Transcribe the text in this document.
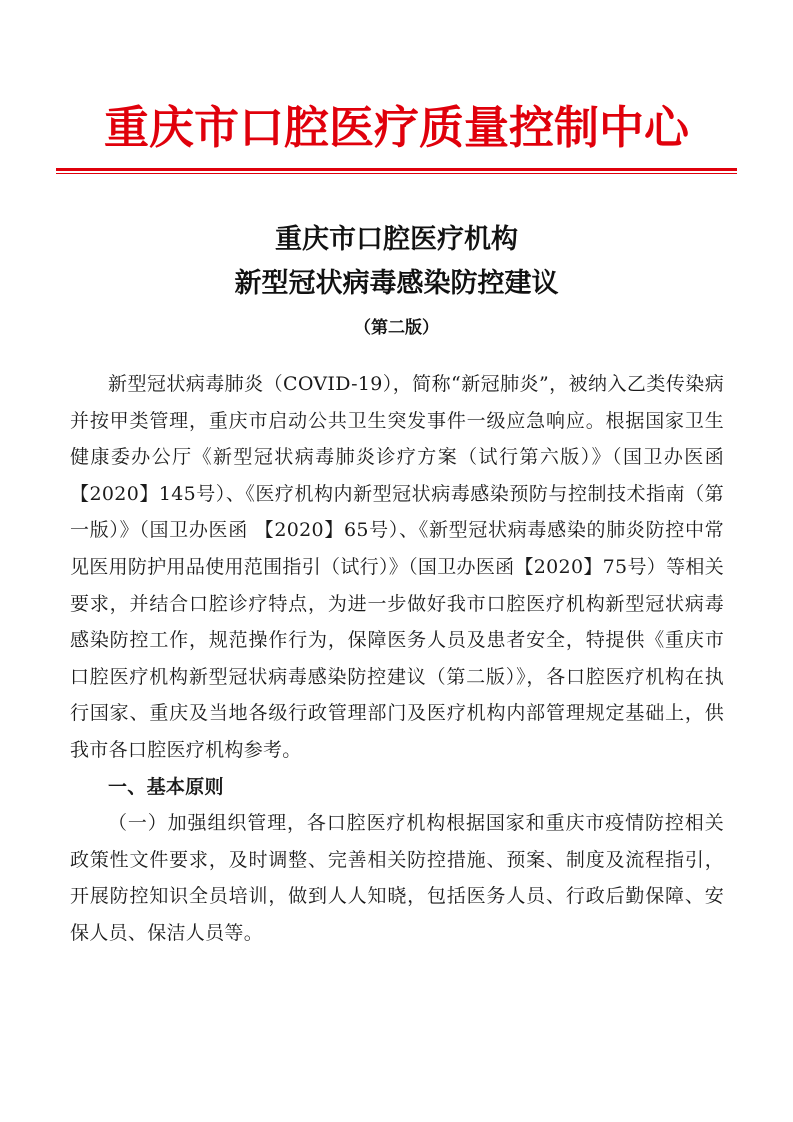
重庆市口腔医疗质量控制中心
重庆市口腔医疗机构
新型冠状病毒感染防控建议
（第二版）

新型冠状病毒肺炎（COVID-19），简称“新冠肺炎”，被纳入乙类传染病并按甲类管理，重庆市启动公共卫生突发事件一级应急响应。根据国家卫生健康委办公厅《新型冠状病毒肺炎诊疗方案（试行第六版）》（国卫办医函【2020】145号）、《医疗机构内新型冠状病毒感染预防与控制技术指南（第一版）》（国卫办医函 【2020】65号）、《新型冠状病毒感染的肺炎防控中常见医用防护用品使用范围指引（试行）》（国卫办医函【2020】75号）等相关要求，并结合口腔诊疗特点，为进一步做好我市口腔医疗机构新型冠状病毒感染防控工作，规范操作行为，保障医务人员及患者安全，特提供《重庆市口腔医疗机构新型冠状病毒感染防控建议（第二版）》，各口腔医疗机构在执行国家、重庆及当地各级行政管理部门及医疗机构内部管理规定基础上，供我市各口腔医疗机构参考。

一、基本原则

（一）加强组织管理，各口腔医疗机构根据国家和重庆市疫情防控相关政策性文件要求，及时调整、完善相关防控措施、预案、制度及流程指引，开展防控知识全员培训，做到人人知晓，包括医务人员、行政后勤保障、安保人员、保洁人员等。
